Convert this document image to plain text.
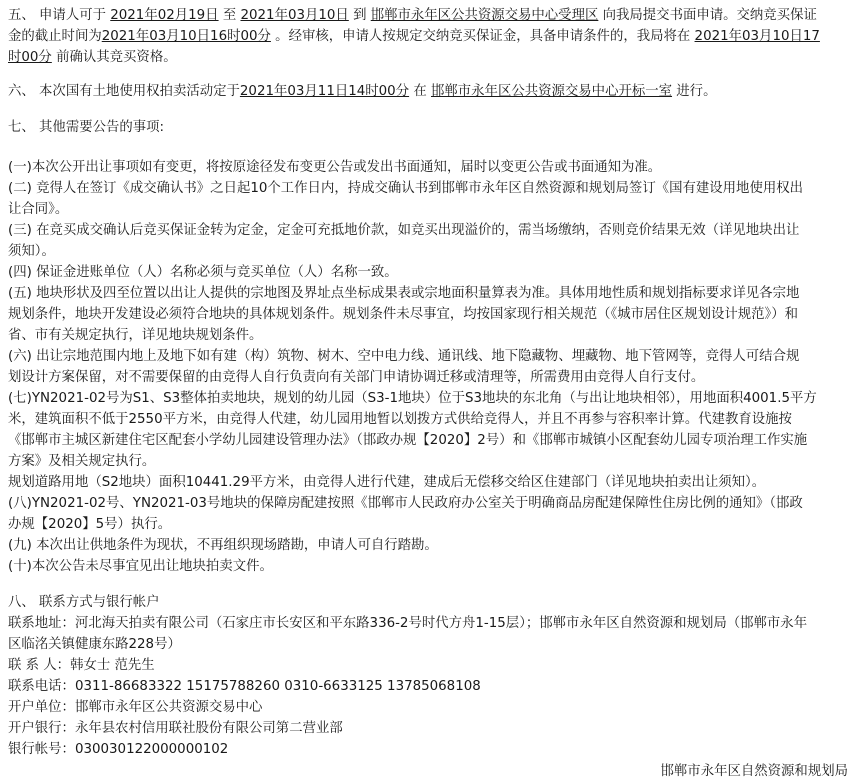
五、 申请人可于 2021年02月19日 至 2021年03月10日 到 邯郸市永年区公共资源交易中心受理区 向我局提交书面申请。交纳竞买保证
金的截止时间为2021年03月10日16时00分 。经审核，申请人按规定交纳竞买保证金，具备申请条件的，我局将在 2021年03月10日17
时00分 前确认其竞买资格。
六、 本次国有土地使用权拍卖活动定于2021年03月11日14时00分 在 邯郸市永年区公共资源交易中心开标一室 进行。
七、 其他需要公告的事项:
(一)本次公开出让事项如有变更，将按原途径发布变更公告或发出书面通知，届时以变更公告或书面通知为准。
(二) 竞得人在签订《成交确认书》之日起10个工作日内，持成交确认书到邯郸市永年区自然资源和规划局签订《国有建设用地使用权出
让合同》。
(三) 在竞买成交确认后竞买保证金转为定金，定金可充抵地价款，如竞买出现溢价的，需当场缴纳，否则竞价结果无效（详见地块出让
须知）。
(四) 保证金进账单位（人）名称必须与竞买单位（人）名称一致。
(五) 地块形状及四至位置以出让人提供的宗地图及界址点坐标成果表或宗地面积量算表为准。具体用地性质和规划指标要求详见各宗地
规划条件，地块开发建设必须符合地块的具体规划条件。规划条件未尽事宜，均按国家现行相关规范（《城市居住区规划设计规范》）和
省、市有关规定执行，详见地块规划条件。
(六) 出让宗地范围内地上及地下如有建（构）筑物、树木、空中电力线、通讯线、地下隐藏物、埋藏物、地下管网等，竞得人可结合规
划设计方案保留，对不需要保留的由竞得人自行负责向有关部门申请协调迁移或清理等，所需费用由竞得人自行支付。
(七)YN2021-02号为S1、S3整体拍卖地块，规划的幼儿园（S3-1地块）位于S3地块的东北角（与出让地块相邻），用地面积4001.5平方
米，建筑面积不低于2550平方米，由竞得人代建，幼儿园用地暂以划拨方式供给竞得人，并且不再参与容积率计算。代建教育设施按
《邯郸市主城区新建住宅区配套小学幼儿园建设管理办法》（邯政办规【2020】2号）和《邯郸市城镇小区配套幼儿园专项治理工作实施
方案》及相关规定执行。
规划道路用地（S2地块）面积10441.29平方米，由竞得人进行代建，建成后无偿移交给区住建部门（详见地块拍卖出让须知）。
(八)YN2021-02号、YN2021-03号地块的保障房配建按照《邯郸市人民政府办公室关于明确商品房配建保障性住房比例的通知》（邯政
办规【2020】5号）执行。
(九) 本次出让供地条件为现状，不再组织现场踏勘，申请人可自行踏勘。
(十)本次公告未尽事宜见出让地块拍卖文件。
八、 联系方式与银行帐户
联系地址：河北海天拍卖有限公司（石家庄市长安区和平东路336-2号时代方舟1-15层）；邯郸市永年区自然资源和规划局（邯郸市永年
区临洺关镇健康东路228号）
联 系 人：韩女士 范先生
联系电话：0311-86683322 15175788260 0310-6633125 13785068108
开户单位：邯郸市永年区公共资源交易中心
开户银行：永年县农村信用联社股份有限公司第二营业部
银行帐号：030030122000000102
邯郸市永年区自然资源和规划局
